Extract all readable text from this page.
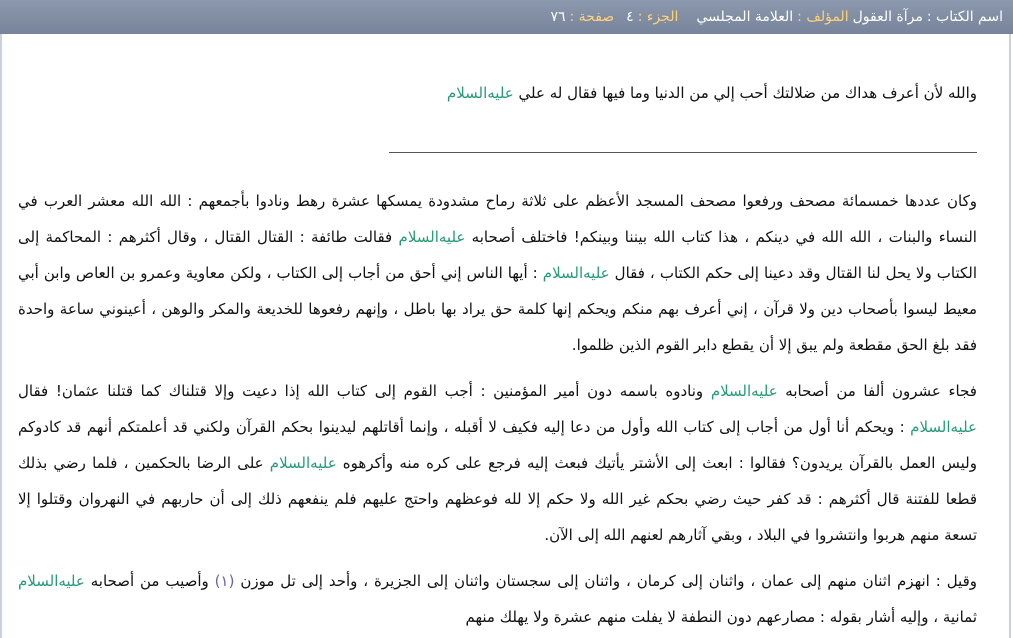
اسم الكتاب :
مرآة العقول
المؤلف :
العلامة المجلسي
الجزء :
٤
صفحة :
٧٦

والله لأن أعرف هداك من ضلالتك أحب إلي من الدنيا وما فيها فقال له علي عليه‌السلام

وكان عددها خمسمائة مصحف ورفعوا مصحف المسجد الأعظم على ثلاثة رماح مشدودة يمسكها عشرة رهط ونادوا بأجمعهم : الله الله معشر العرب في النساء والبنات ، الله الله في دينكم ، هذا كتاب الله بيننا وبينكم! فاختلف أصحابه عليه‌السلام فقالت طائفة : القتال القتال ، وقال أكثرهم : المحاكمة إلى الكتاب ولا يحل لنا القتال وقد دعينا إلى حكم الكتاب ، فقال عليه‌السلام : أيها الناس إني أحق من أجاب إلى الكتاب ، ولكن معاوية وعمرو بن العاص وابن أبي معيط ليسوا بأصحاب دين ولا قرآن ، إني أعرف بهم منكم ويحكم إنها كلمة حق يراد بها باطل ، وإنهم رفعوها للخديعة والمكر والوهن ، أعينوني ساعة واحدة فقد بلغ الحق مقطعة ولم يبق إلا أن يقطع دابر القوم الذين ظلموا.

فجاء عشرون ألفا من أصحابه عليه‌السلام ونادوه باسمه دون أمير المؤمنين : أجب القوم إلى كتاب الله إذا دعيت وإلا قتلناك كما قتلنا عثمان! فقال عليه‌السلام : ويحكم أنا أول من أجاب إلى كتاب الله وأول من دعا إليه فكيف لا أقبله ، وإنما أقاتلهم ليدينوا بحكم القرآن ولكني قد أعلمتكم أنهم قد كادوكم وليس العمل بالقرآن يريدون؟ فقالوا : ابعث إلى الأشتر يأتيك فبعث إليه فرجع على كره منه وأكرهوه عليه‌السلام على الرضا بالحكمين ، فلما رضي بذلك قطعا للفتنة قال أكثرهم : قد كفر حيث رضي بحكم غير الله ولا حكم إلا لله فوعظهم واحتج عليهم فلم ينفعهم ذلك إلى أن حاربهم في النهروان وقتلوا إلا تسعة منهم هربوا وانتشروا في البلاد ، وبقي آثارهم لعنهم الله إلى الآن.

وقيل : انهزم اثنان منهم إلى عمان ، واثنان إلى كرمان ، واثنان إلى سجستان واثنان إلى الجزيرة ، وأحد إلى تل موزن (١) وأصيب من أصحابه عليه‌السلام ثمانية ، وإليه أشار بقوله : مصارعهم دون النطفة لا يفلت منهم عشرة ولا يهلك منهم
